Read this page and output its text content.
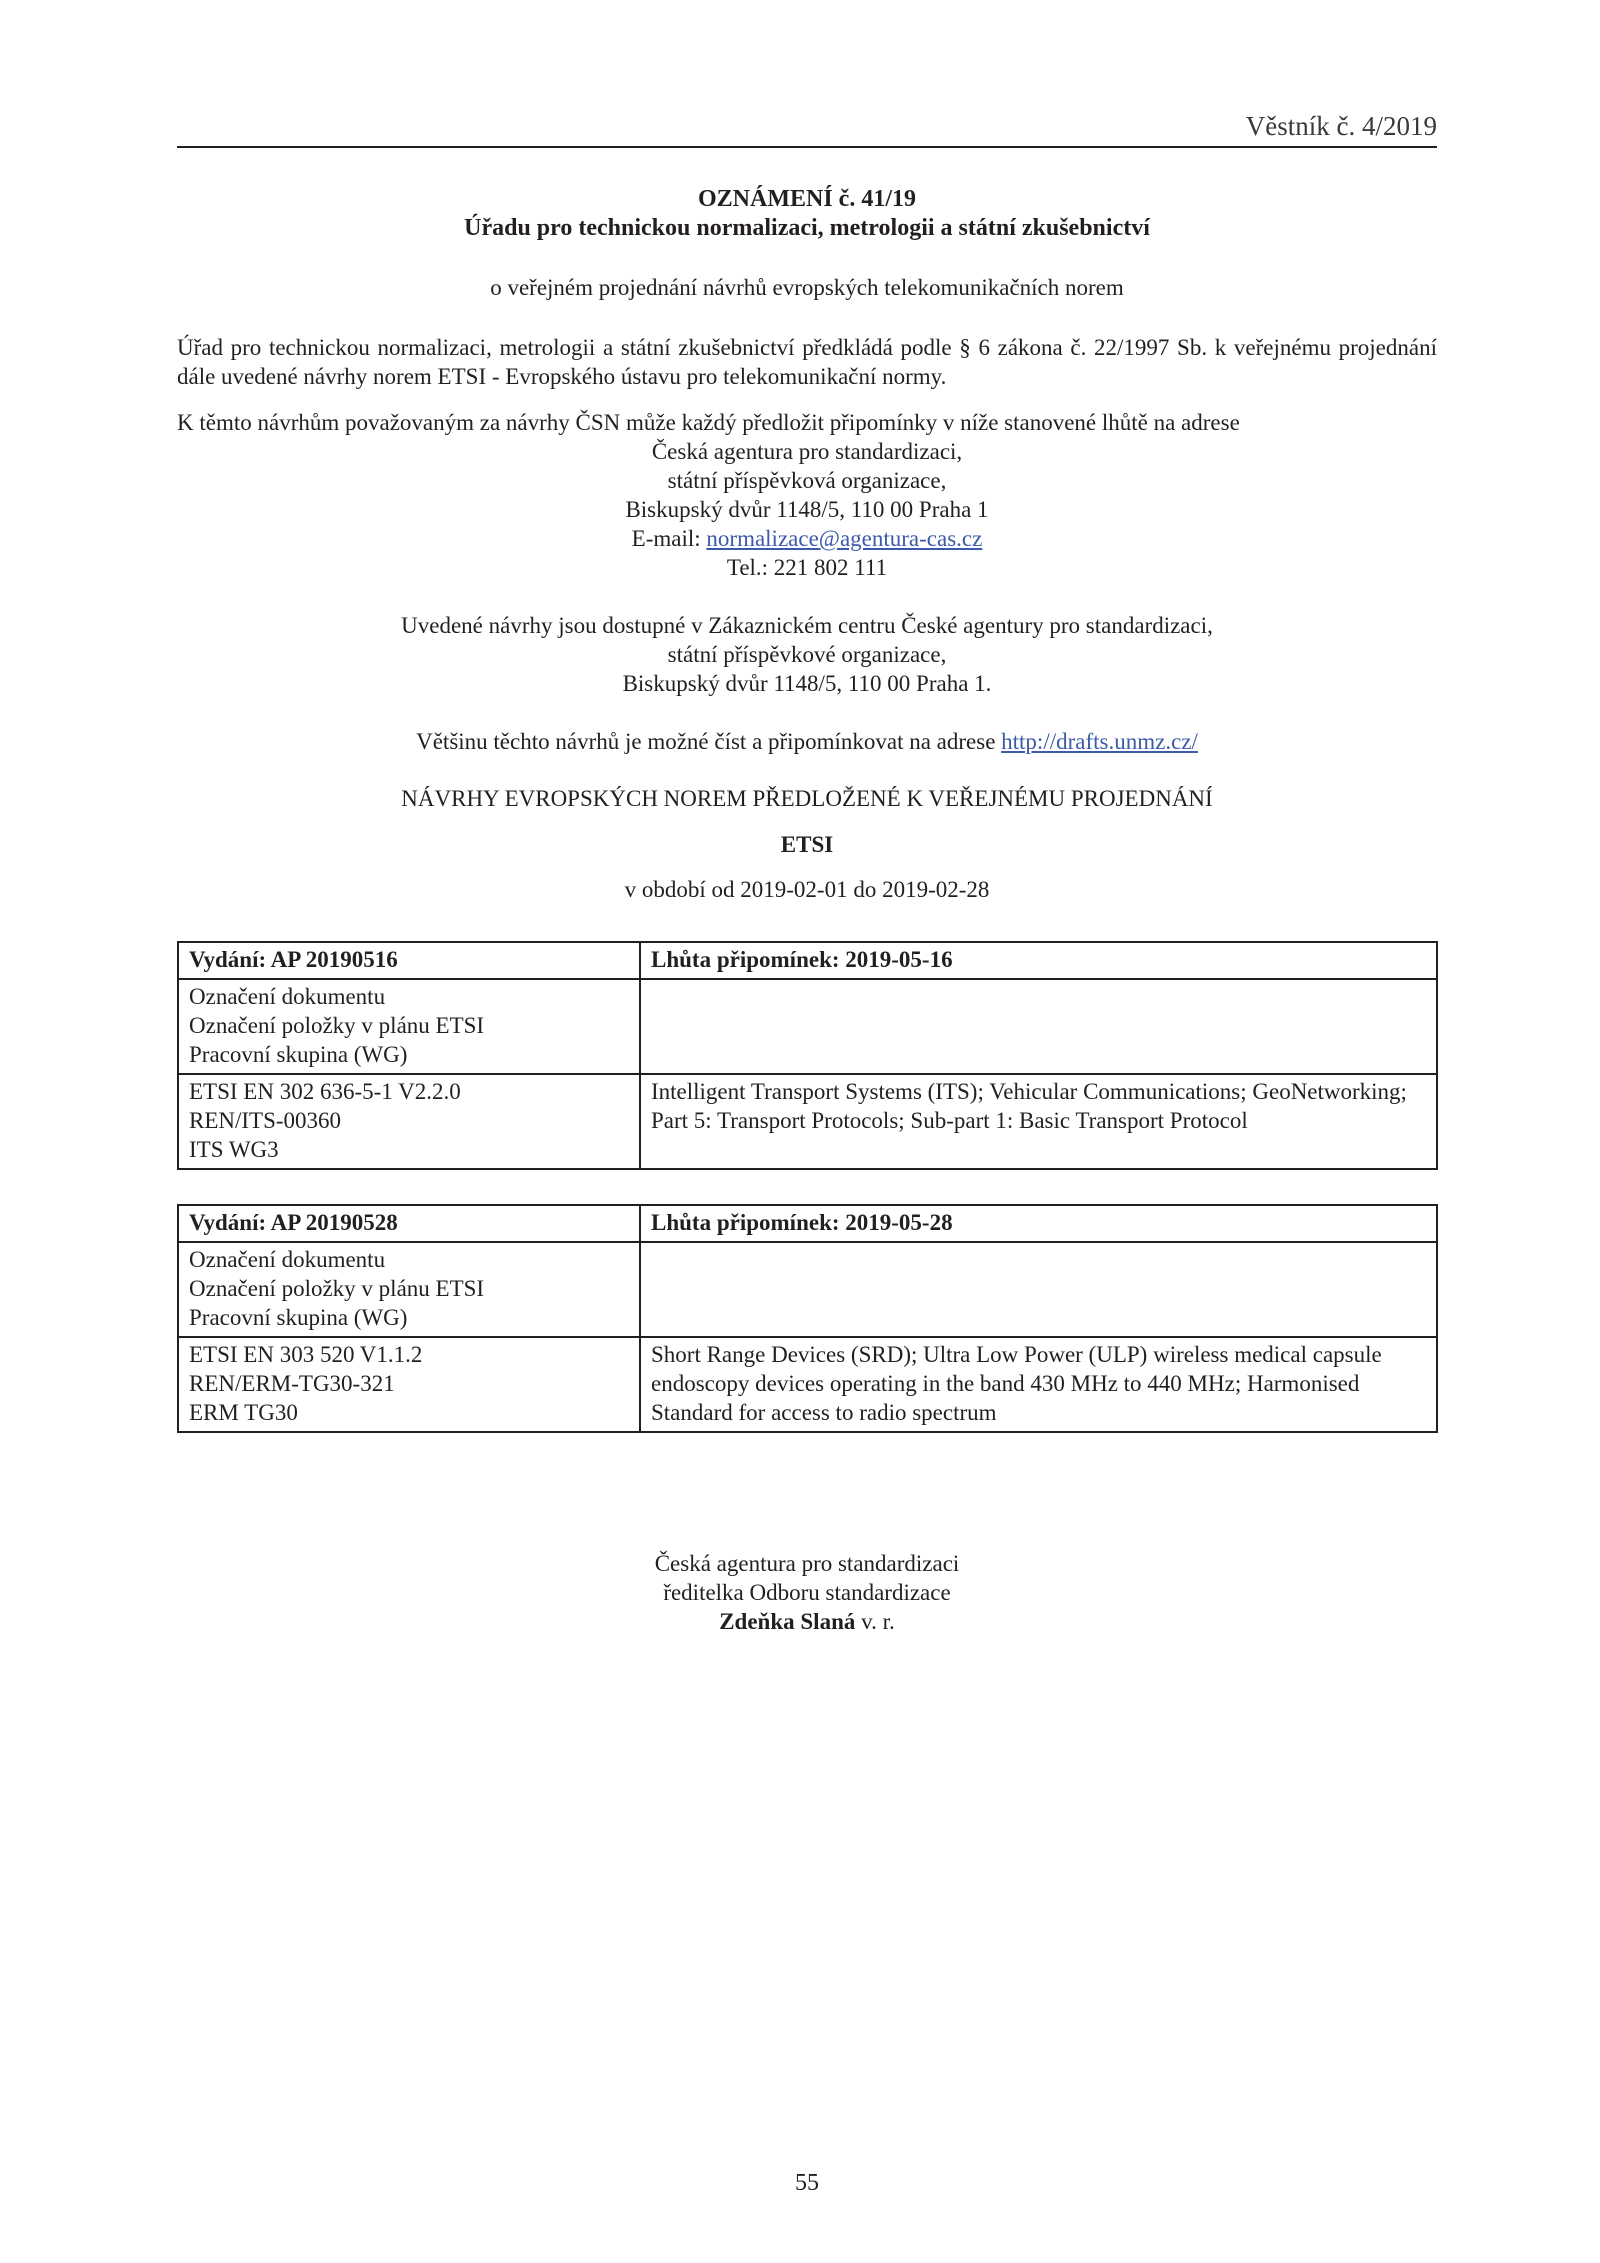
Věstník č. 4/2019
OZNÁMENÍ č. 41/19
Úřadu pro technickou normalizaci, metrologii a státní zkušebnictví
o veřejném projednání návrhů evropských telekomunikačních norem
Úřad pro technickou normalizaci, metrologii a státní zkušebnictví předkládá podle § 6 zákona č. 22/1997 Sb. k veřejnému projednání dále uvedené návrhy norem ETSI - Evropského ústavu pro telekomunikační normy.
K těmto návrhům považovaným za návrhy ČSN může každý předložit připomínky v níže stanovené lhůtě na adrese
Česká agentura pro standardizaci,
státní příspěvková organizace,
Biskupský dvůr 1148/5, 110 00 Praha 1
E-mail: normalizace@agentura-cas.cz
Tel.: 221 802 111
Uvedené návrhy jsou dostupné v Zákaznickém centru České agentury pro standardizaci,
státní příspěvkové organizace,
Biskupský dvůr 1148/5, 110 00 Praha 1.
Většinu těchto návrhů je možné číst a připomínkovat na adrese http://drafts.unmz.cz/
NÁVRHY EVROPSKÝCH NOREM PŘEDLOŽENÉ K VEŘEJNÉMU PROJEDNÁNÍ
ETSI
v období od 2019-02-01 do 2019-02-28
Vydání: AP 20190516	Lhůta připomínek: 2019-05-16

Označení dokumentu
Označení položky v plánu ETSI
Pracovní skupina (WG)	

ETSI EN 302 636-5-1 V2.2.0
REN/ITS-00360
ITS WG3	Intelligent Transport Systems (ITS); Vehicular Communications; GeoNetworking; Part 5: Transport Protocols; Sub-part 1: Basic Transport Protocol
Vydání: AP 20190528	Lhůta připomínek: 2019-05-28

Označení dokumentu
Označení položky v plánu ETSI
Pracovní skupina (WG)	

ETSI EN 303 520 V1.1.2
REN/ERM-TG30-321
ERM TG30	Short Range Devices (SRD); Ultra Low Power (ULP) wireless medical capsule endoscopy devices operating in the band 430 MHz to 440 MHz; Harmonised Standard for access to radio spectrum
Česká agentura pro standardizaci
ředitelka Odboru standardizace
Zdeňka Slaná v. r.
55
